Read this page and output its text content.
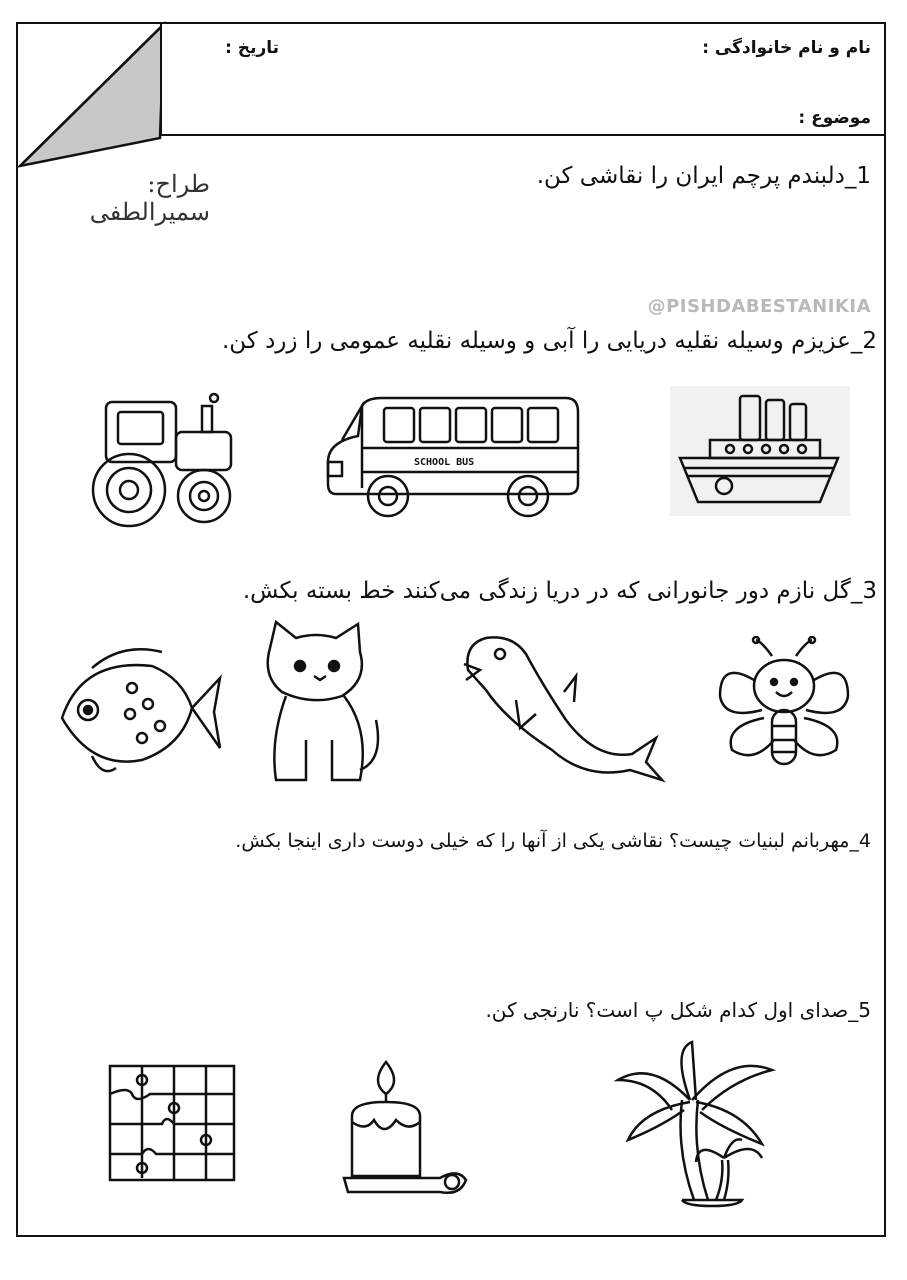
نام و نام خانوادگی :
تاریخ :
موضوع :
طراح: سمیرالطفی
1_دلبندم پرچم ایران را نقاشی کن.
@PISHDABESTANIKIA
2_عزیزم وسیله نقلیه دریایی را آبی و وسیله نقلیه عمومی را زرد کن.
SCHOOL BUS
3_گل نازم دور جانورانی که در دریا زندگی می‌کنند خط بسته بکش.
4_مهربانم لبنیات چیست؟ نقاشی یکی از آنها را که خیلی دوست داری اینجا بکش.
5_صدای اول کدام شکل پ است؟ نارنجی کن.
